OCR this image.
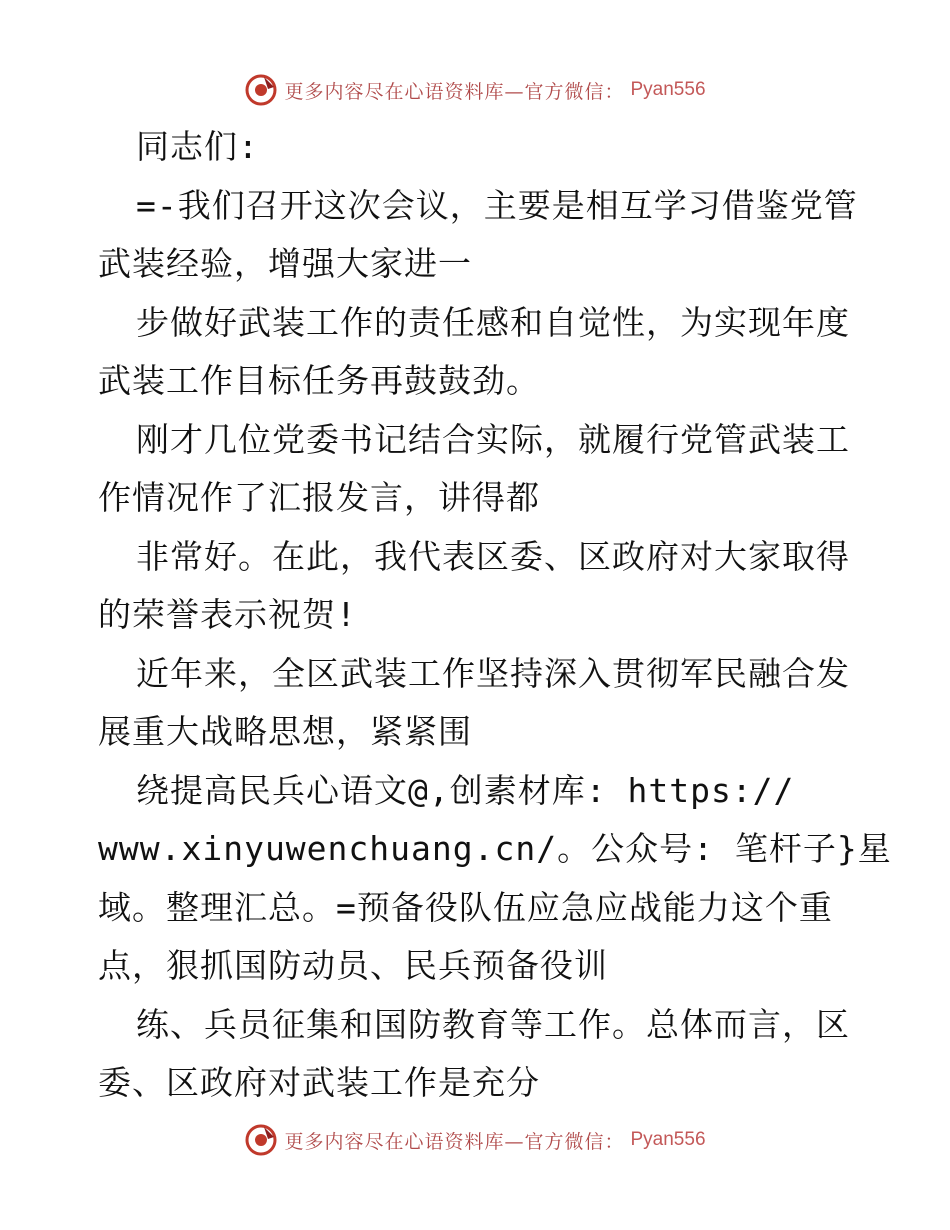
更多内容尽在心语资料库—官方微信： Pyan556
同志们:
=-我们召开这次会议，主要是相互学习借鉴党管
武装经验，增强大家进一
步做好武装工作的责任感和自觉性，为实现年度
武装工作目标任务再鼓鼓劲。
刚才几位党委书记结合实际，就履行党管武装工
作情况作了汇报发言，讲得都
非常好。在此，我代表区委、区政府对大家取得
的荣誉表示祝贺!
近年来，全区武装工作坚持深入贯彻军民融合发
展重大战略思想，紧紧围
绕提高民兵心语文@,创素材库: https://
www.xinyuwenchuang.cn/。公众号: 笔杆子}星
域。整理汇总。=预备役队伍应急应战能力这个重
点，狠抓国防动员、民兵预备役训
练、兵员征集和国防教育等工作。总体而言，区
委、区政府对武装工作是充分
更多内容尽在心语资料库—官方微信： Pyan556
